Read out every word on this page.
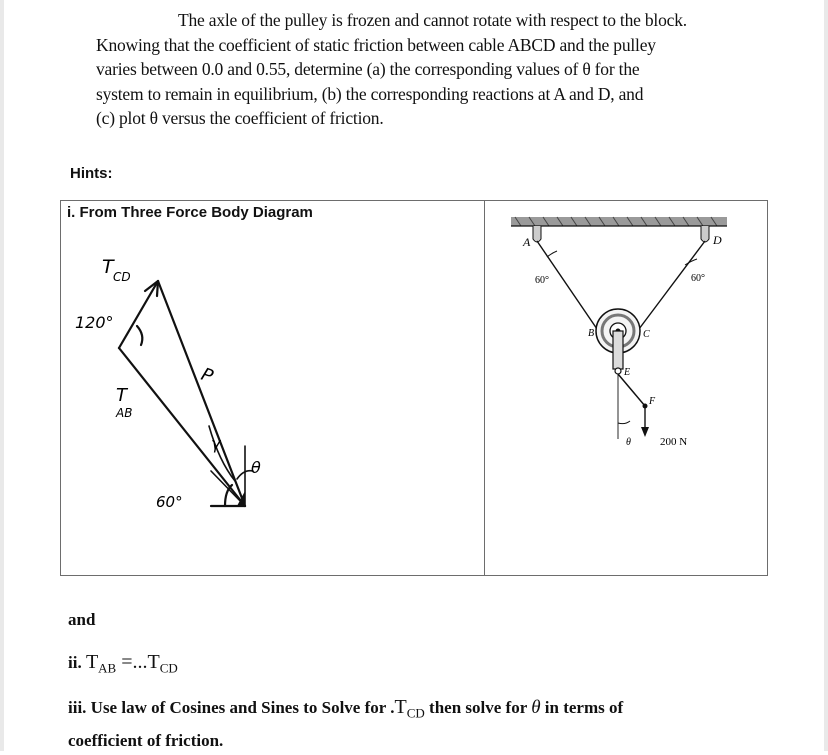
The axle of the pulley is frozen and cannot rotate with respect to the block.
Knowing that the coefficient of static friction between cable ABCD and the pulley
varies between 0.0 and 0.55, determine (a) the corresponding values of θ for the
system to remain in equilibrium, (b) the corresponding reactions at A and D, and
(c) plot θ versus the coefficient of friction.
Hints:
i. From Three Force Body Diagram
T CD
120°
T
AB
P
γ
θ
60°
A	D
60°	60°
B	C
E
F
θ	200 N
and
ii. $T_{AB} =...T_{CD}$
iii. Use law of Cosines and Sines to Solve for $.T_{CD}$ then solve for θ in terms of
coefficient of friction.
